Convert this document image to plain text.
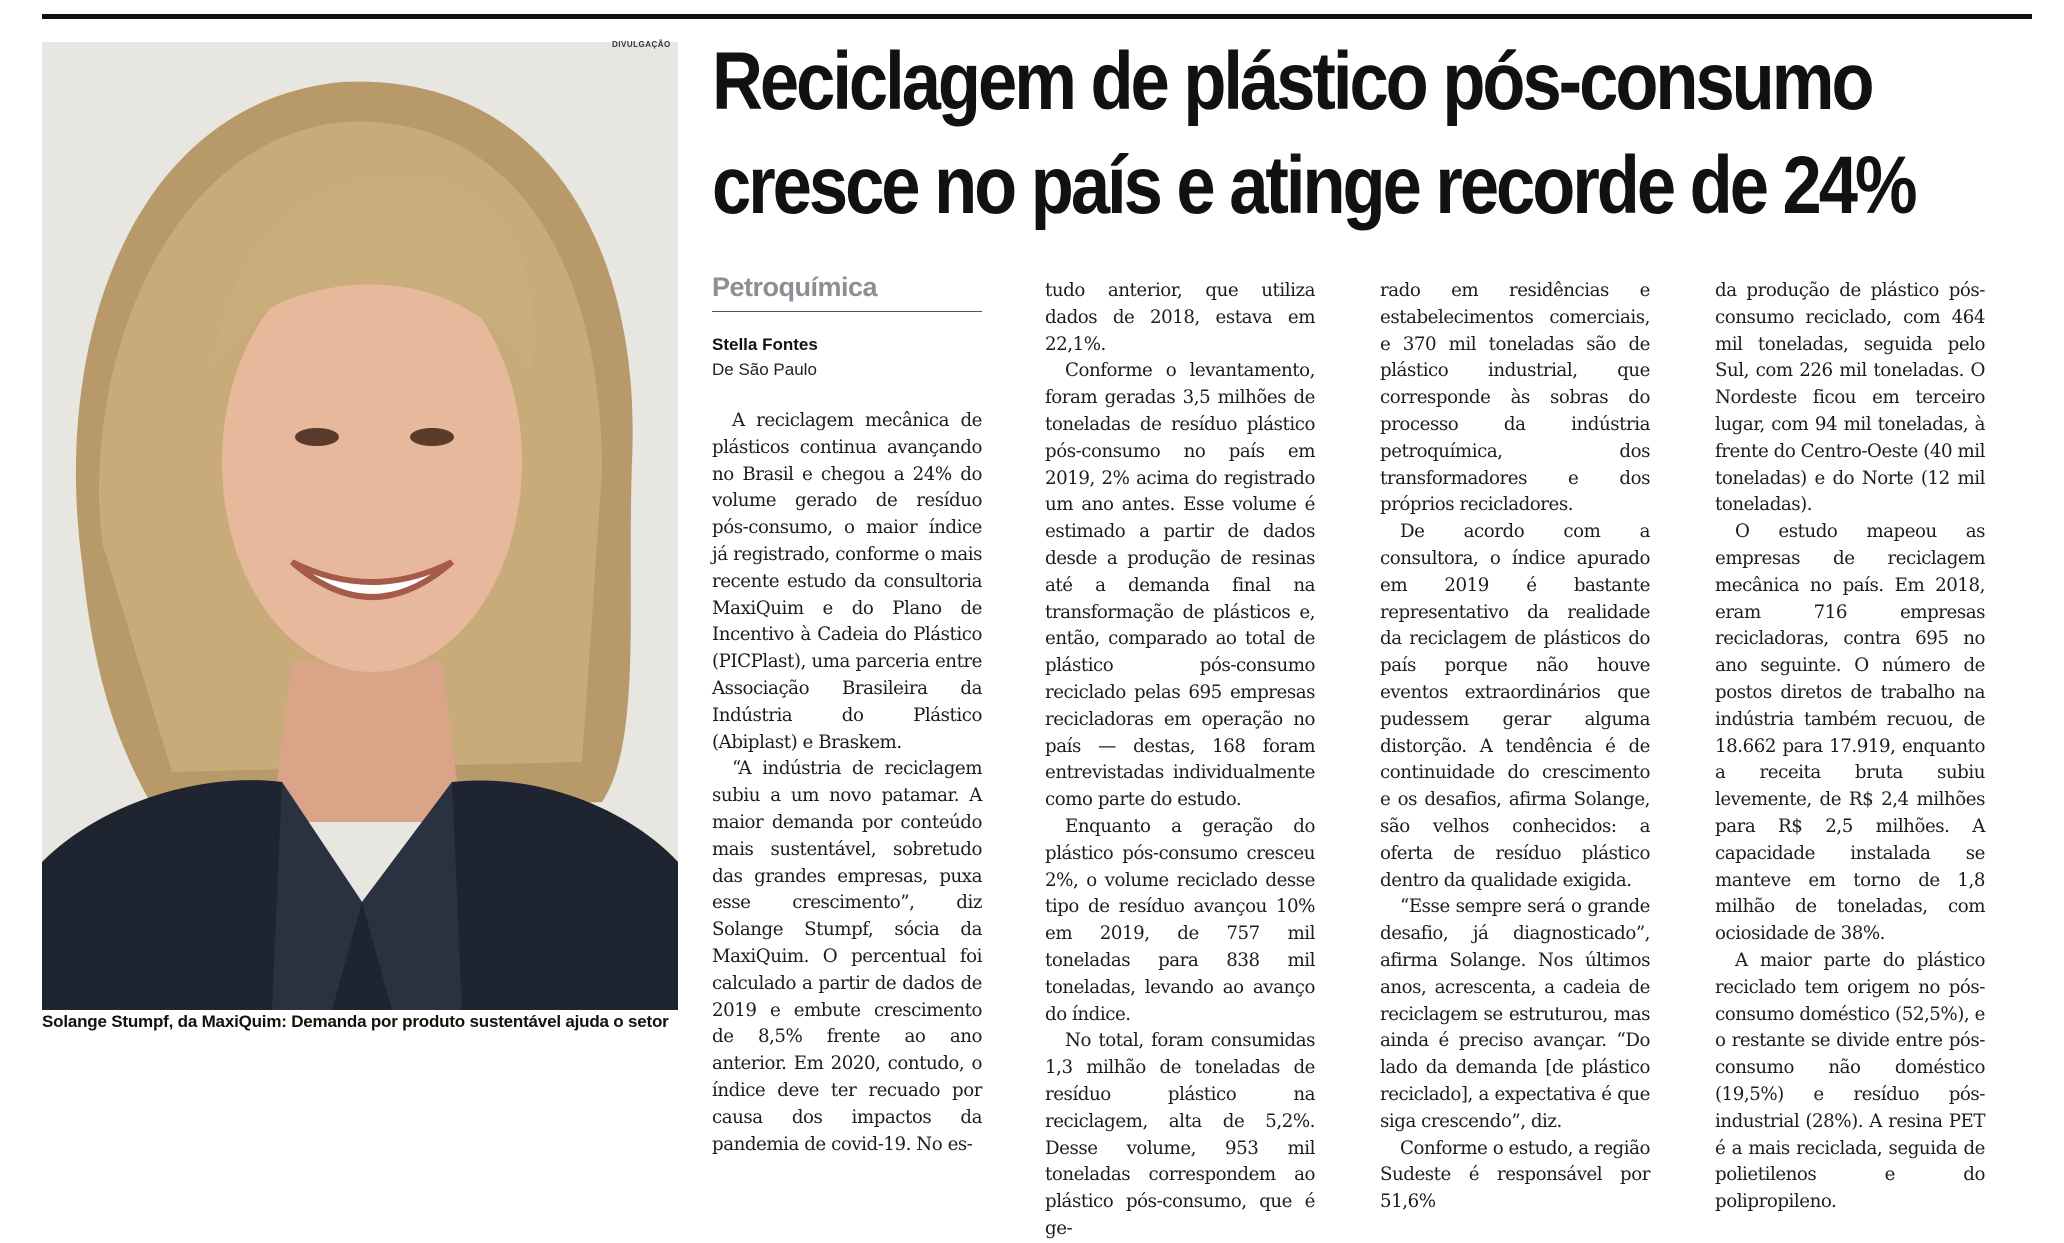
DIVULGAÇÃO
Solange Stumpf, da MaxiQuim: Demanda por produto sustentável ajuda o setor
Reciclagem de plástico pós-consumo
cresce no país e atinge recorde de 24%
Petroquímica
Stella Fontes
De São Paulo

A reciclagem mecânica de plásticos continua avançando no Brasil e chegou a 24% do volume gerado de resíduo pós-consumo, o maior índice já registrado, conforme o mais recente estudo da consultoria MaxiQuim e do Plano de Incentivo à Cadeia do Plástico (PICPlast), uma parceria entre Associação Brasileira da Indústria do Plástico (Abiplast) e Braskem.

“A indústria de reciclagem subiu a um novo patamar. A maior demanda por conteúdo mais sustentável, sobretudo das grandes empresas, puxa esse crescimento”, diz Solange Stumpf, sócia da MaxiQuim. O percentual foi calculado a partir de dados de 2019 e embute crescimento de 8,5% frente ao ano anterior. Em 2020, contudo, o índice deve ter recuado por causa dos impactos da pandemia de covid-19. No es-

tudo anterior, que utiliza dados de 2018, estava em 22,1%.

Conforme o levantamento, foram geradas 3,5 milhões de toneladas de resíduo plástico pós-consumo no país em 2019, 2% acima do registrado um ano antes. Esse volume é estimado a partir de dados desde a produção de resinas até a demanda final na transformação de plásticos e, então, comparado ao total de plástico pós-consumo reciclado pelas 695 empresas recicladoras em operação no país — destas, 168 foram entrevistadas individualmente como parte do estudo.

Enquanto a geração do plástico pós-consumo cresceu 2%, o volume reciclado desse tipo de resíduo avançou 10% em 2019, de 757 mil toneladas para 838 mil toneladas, levando ao avanço do índice.

No total, foram consumidas 1,3 milhão de toneladas de resíduo plástico na reciclagem, alta de 5,2%. Desse volume, 953 mil toneladas correspondem ao plástico pós-consumo, que é ge-

rado em residências e estabelecimentos comerciais, e 370 mil toneladas são de plástico industrial, que corresponde às sobras do processo da indústria petroquímica, dos transformadores e dos próprios recicladores.

De acordo com a consultora, o índice apurado em 2019 é bastante representativo da realidade da reciclagem de plásticos do país porque não houve eventos extraordinários que pudessem gerar alguma distorção. A tendência é de continuidade do crescimento e os desafios, afirma Solange, são velhos conhecidos: a oferta de resíduo plástico dentro da qualidade exigida.

“Esse sempre será o grande desafio, já diagnosticado”, afirma Solange. Nos últimos anos, acrescenta, a cadeia de reciclagem se estruturou, mas ainda é preciso avançar. “Do lado da demanda [de plástico reciclado], a expectativa é que siga crescendo”, diz.

Conforme o estudo, a região Sudeste é responsável por 51,6%

da produção de plástico pós-consumo reciclado, com 464 mil toneladas, seguida pelo Sul, com 226 mil toneladas. O Nordeste ficou em terceiro lugar, com 94 mil toneladas, à frente do Centro-Oeste (40 mil toneladas) e do Norte (12 mil toneladas).

O estudo mapeou as empresas de reciclagem mecânica no país. Em 2018, eram 716 empresas recicladoras, contra 695 no ano seguinte. O número de postos diretos de trabalho na indústria também recuou, de 18.662 para 17.919, enquanto a receita bruta subiu levemente, de R$ 2,4 milhões para R$ 2,5 milhões. A capacidade instalada se manteve em torno de 1,8 milhão de toneladas, com ociosidade de 38%.

A maior parte do plástico reciclado tem origem no pós-consumo doméstico (52,5%), e o restante se divide entre pós-consumo não doméstico (19,5%) e resíduo pós-industrial (28%). A resina PET é a mais reciclada, seguida de polietilenos e do polipropileno.
